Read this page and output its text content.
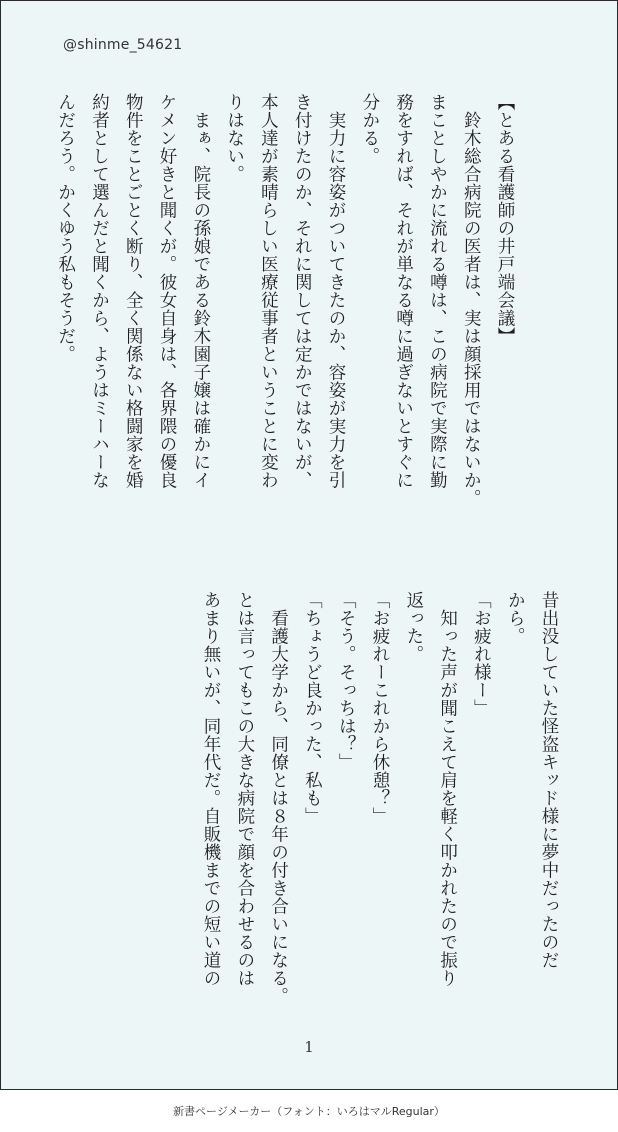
@shinme_54621
【とある看護師の井戸端会議】
　鈴木総合病院の医者は、実は顔採用ではないか。
まことしやかに流れる噂は、この病院で実際に勤
務をすれば、それが単なる噂に過ぎないとすぐに
分かる。
　実力に容姿がついてきたのか、容姿が実力を引
き付けたのか、それに関しては定かではないが、
本人達が素晴らしい医療従事者ということに変わ
りはない。
　まぁ、院長の孫娘である鈴木園子嬢は確かにイ
ケメン好きと聞くが。彼女自身は、各界隈の優良
物件をことごとく断り、全く関係ない格闘家を婚
約者として選んだと聞くから、ようはミーハーな
んだろう。かくゆう私もそうだ。
昔出没していた怪盗キッド様に夢中だったのだ
から。
「お疲れ様ー」
　知った声が聞こえて肩を軽く叩かれたので振り
返った。
「お疲れーこれから休憩？」
「そう。そっちは？」
「ちょうど良かった、私も」
　看護大学から、同僚とは８年の付き合いになる。
とは言ってもこの大きな病院で顔を合わせるのは
あまり無いが、同年代だ。自販機までの短い道の
1
新書ページメーカー（フォント：いろはマルRegular）
